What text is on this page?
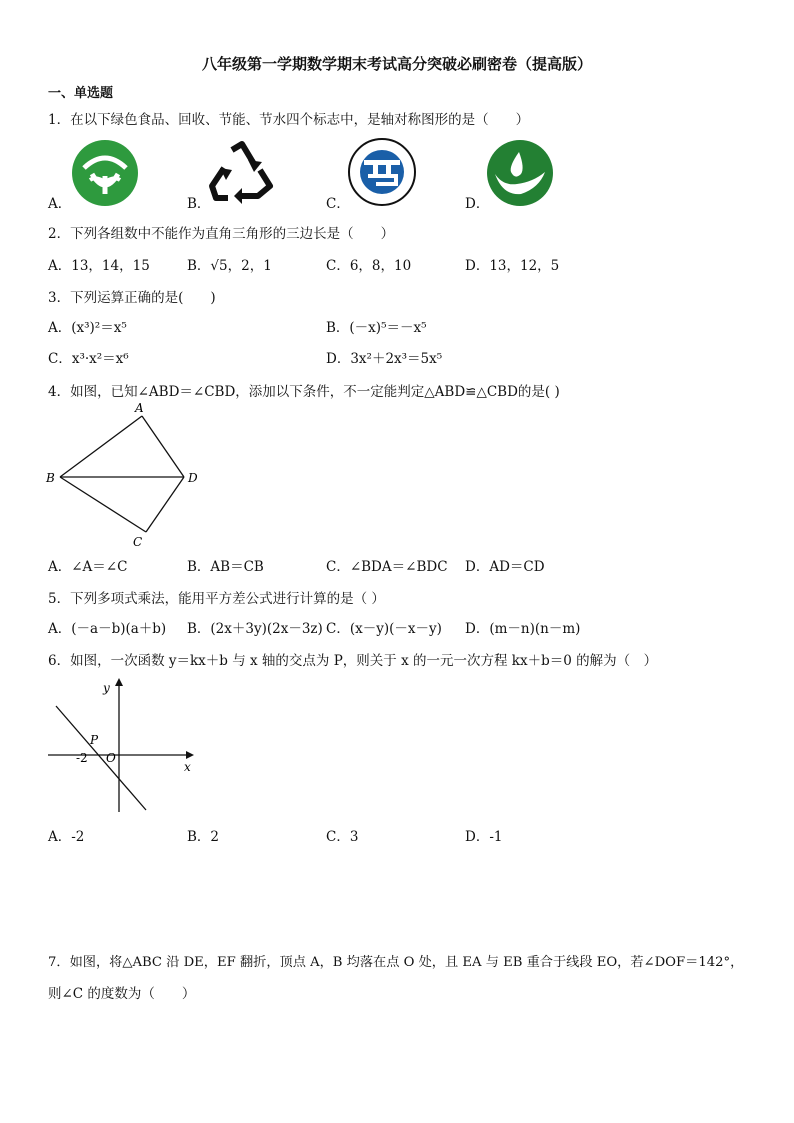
八年级第一学期数学期末考试高分突破必刷密卷（提高版）
一、单选题
1．在以下绿色食品、回收、节能、节水四个标志中，是轴对称图形的是（　　）
A．	B．	C．	D．
2．下列各组数中不能作为直角三角形的三边长是（　　）
A．13，14，15	B．√5，2，1	C．6，8，10	D．13，12，5
3．下列运算正确的是(　　)
A．(x³)²＝x⁵	B．(－x)⁵＝－x⁵
C．x³·x²＝x⁶	D．3x²＋2x³＝5x⁵
4．如图，已知∠ABD＝∠CBD，添加以下条件，不一定能判定△ABD≌△CBD的是( )
A
B
C
D
A．∠A＝∠C	B．AB＝CB	C．∠BDA＝∠BDC D．AD＝CD
5．下列多项式乘法，能用平方差公式进行计算的是（ ）
A．(－a－b)(a＋b) B．(2x＋3y)(2x－3z) C．(x－y)(－x－y) D．(m－n)(n－m)
6．如图，一次函数 y＝kx＋b 与 x 轴的交点为 P，则关于 x 的一元一次方程 kx＋b＝0 的解为（　）
y
x
P
O
-2
A．-2	B．2	C．3	D．-1
7．如图，将△ABC 沿 DE，EF 翻折，顶点 A，B 均落在点 O 处，且 EA 与 EB 重合于线段 EO，若∠DOF＝142°，
则∠C 的度数为（　　）
